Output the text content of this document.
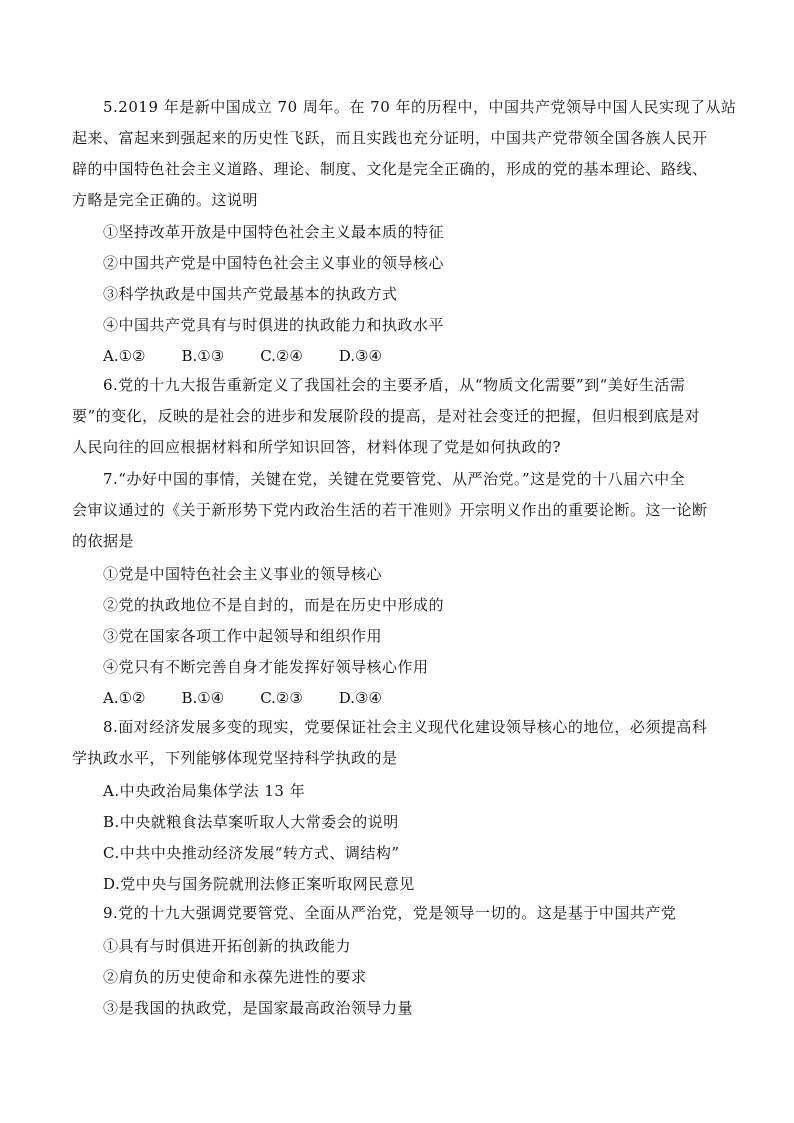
5.2019 年是新中国成立 70 周年。在 70 年的历程中，中国共产党领导中国人民实现了从站
起来、富起来到强起来的历史性飞跃，而且实践也充分证明，中国共产党带领全国各族人民开
辟的中国特色社会主义道路、理论、制度、文化是完全正确的，形成的党的基本理论、路线、
方略是完全正确的。这说明

①坚持改革开放是中国特色社会主义最本质的特征

②中国共产党是中国特色社会主义事业的领导核心

③科学执政是中国共产党最基本的执政方式

④中国共产党具有与时俱进的执政能力和执政水平

A.①② B.①③ C.②④ D.③④
6.党的十九大报告重新定义了我国社会的主要矛盾，从“物质文化需要”到“美好生活需
要”的变化，反映的是社会的进步和发展阶段的提高，是对社会变迁的把握，但归根到底是对
人民向往的回应根据材料和所学知识回答，材料体现了党是如何执政的?
7.“办好中国的事情，关键在党，关键在党要管党、从严治党。”这是党的十八届六中全
会审议通过的《关于新形势下党内政治生活的若干准则》开宗明义作出的重要论断。这一论断
的依据是

①党是中国特色社会主义事业的领导核心

②党的执政地位不是自封的，而是在历史中形成的

③党在国家各项工作中起领导和组织作用

④党只有不断完善自身才能发挥好领导核心作用

A.①② B.①④ C.②③ D.③④
8.面对经济发展多变的现实，党要保证社会主义现代化建设领导核心的地位，必须提高科
学执政水平，下列能够体现党坚持科学执政的是

A.中央政治局集体学法 13 年

B.中央就粮食法草案听取人大常委会的说明

C.中共中央推动经济发展“转方式、调结构”

D.党中央与国务院就刑法修正案听取网民意见

9.党的十九大强调党要管党、全面从严治党，党是领导一切的。这是基于中国共产党

①具有与时俱进开拓创新的执政能力

②肩负的历史使命和永葆先进性的要求

③是我国的执政党，是国家最高政治领导力量
